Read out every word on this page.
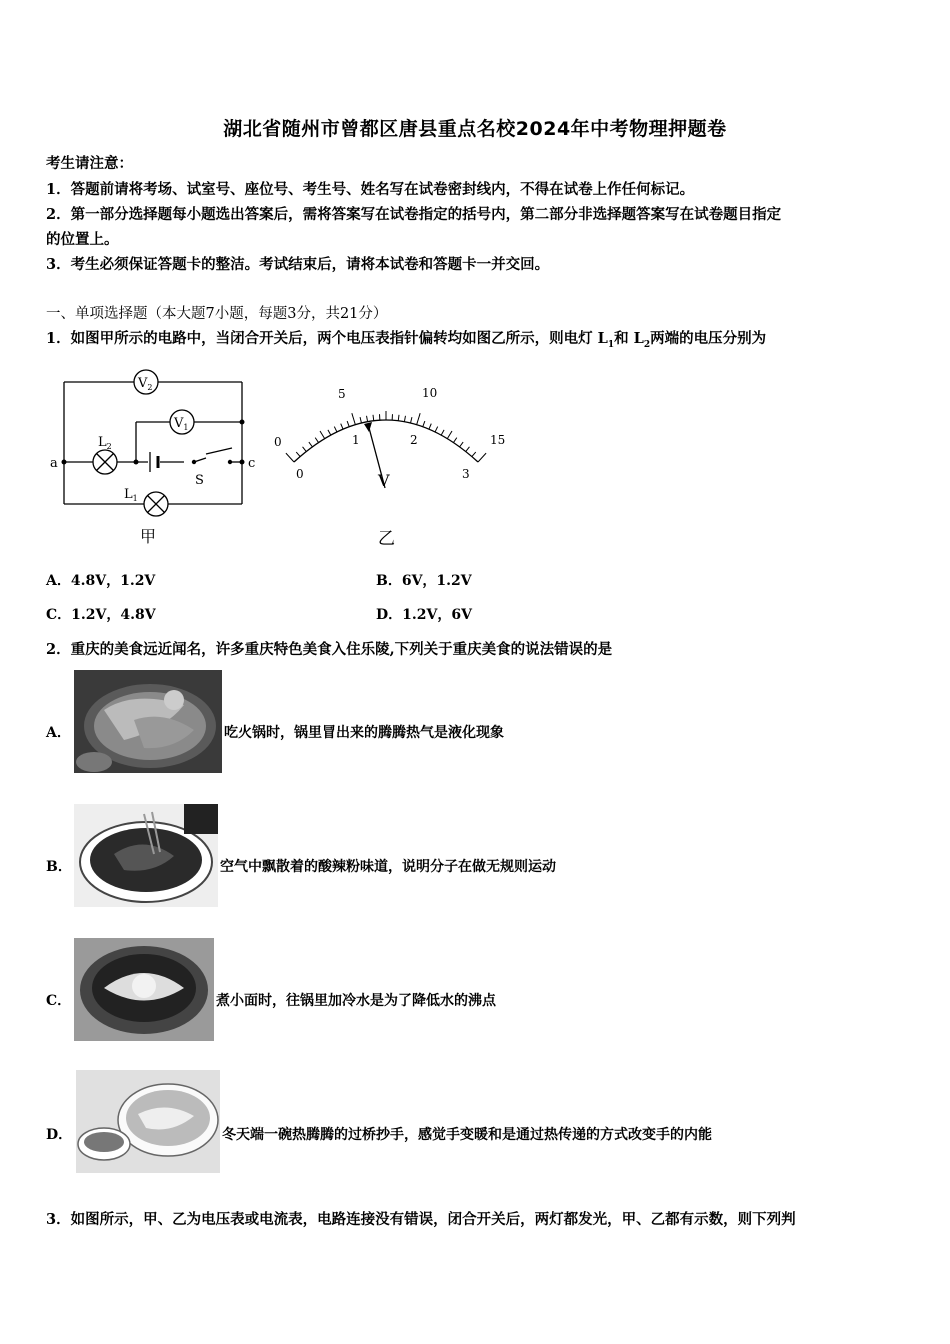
湖北省随州市曾都区唐县重点名校2024年中考物理押题卷
考生请注意：
1．答题前请将考场、试室号、座位号、考生号、姓名写在试卷密封线内，不得在试卷上作任何标记。
2．第一部分选择题每小题选出答案后，需将答案写在试卷指定的括号内，第二部分非选择题答案写在试卷题目指定
的位置上。
3．考生必须保证答题卡的整洁。考试结束后，请将本试卷和答题卡一并交回。
一、单项选择题（本大题7小题，每题3分，共21分）
1．如图甲所示的电路中，当闭合开关后，两个电压表指针偏转均如图乙所示，则电灯 $L_1$和 $L_2$两端的电压分别为
$V_2$
$V_1$
$L_2$
$L_1$
a	c
S
甲
0
5	10
15
0
1	2
3
V
乙
A．4.8V，1.2V	B．6V，1.2V
C．1.2V，4.8V	D．1.2V，6V
2．重庆的美食远近闻名，许多重庆特色美食入住乐陵,下列关于重庆美食的说法错误的是
A．	吃火锅时，锅里冒出来的腾腾热气是液化现象
B．	空气中飘散着的酸辣粉味道，说明分子在做无规则运动
C．	煮小面时，往锅里加冷水是为了降低水的沸点
D．	冬天端一碗热腾腾的过桥抄手，感觉手变暖和是通过热传递的方式改变手的内能
3．如图所示，甲、乙为电压表或电流表，电路连接没有错误，闭合开关后，两灯都发光，甲、乙都有示数，则下列判
